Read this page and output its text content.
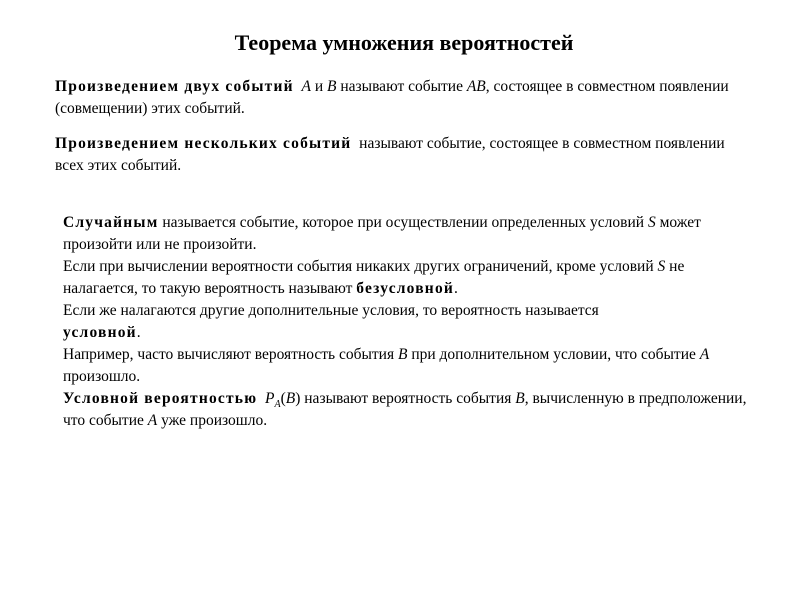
Теорема умножения вероятностей
Произведением двух событий А и В называют событие АВ, состоящее в совместном появлении (совмещении) этих событий.
Произведением нескольких событий называют событие, состоящее в совместном появлении всех этих событий.
Случайным называется событие, которое при осуществлении определенных условий S может произойти или не произойти.
Если при вычислении вероятности события никаких других ограничений, кроме условий S не налагается, то такую вероятность называют безусловной.
Если же налагаются другие дополнительные условия, то вероятность называется
условной.
Например, часто вычисляют вероятность события В при дополнительном условии, что событие А произошло.
Условной вероятностью $P_A(B)$ называют вероятность события В, вычисленную в предположении, что событие А уже произошло.
